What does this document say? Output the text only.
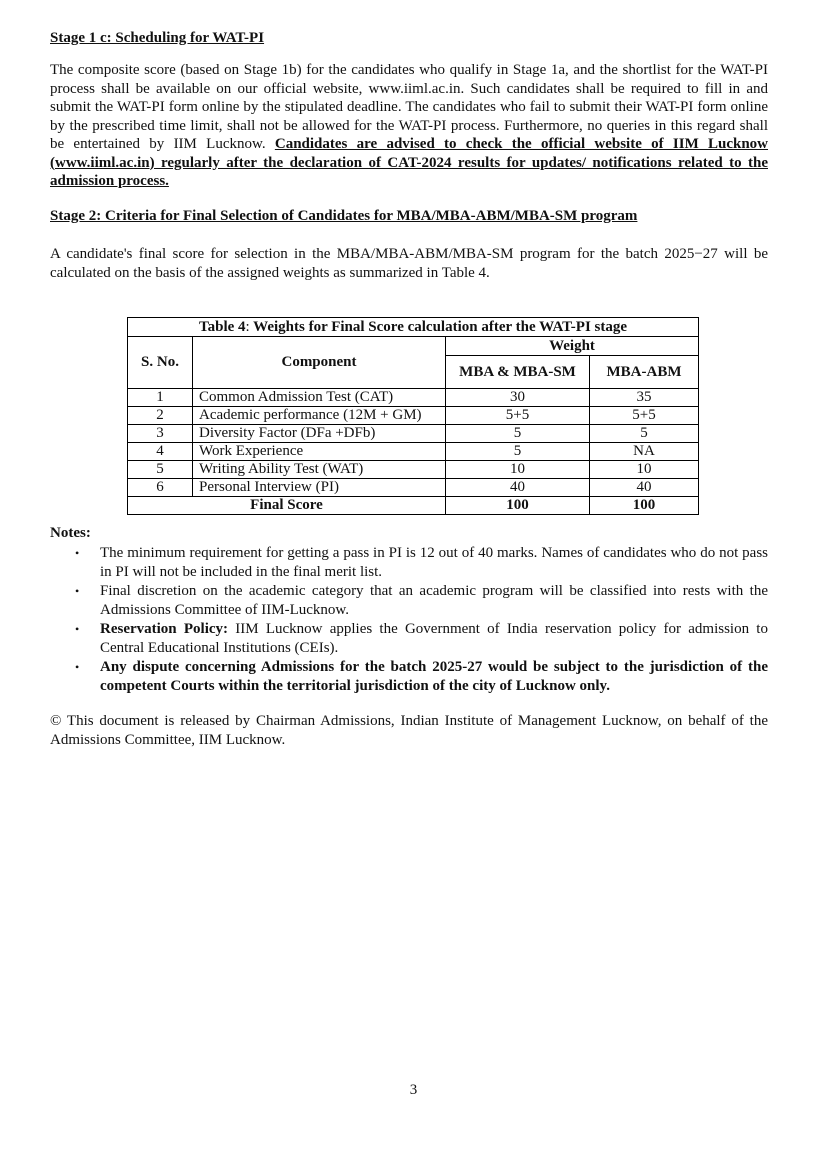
Stage 1 c: Scheduling for WAT-PI
The composite score (based on Stage 1b) for the candidates who qualify in Stage 1a, and the shortlist for the WAT-PI process shall be available on our official website, www.iiml.ac.in. Such candidates shall be required to fill in and submit the WAT-PI form online by the stipulated deadline. The candidates who fail to submit their WAT-PI form online by the prescribed time limit, shall not be allowed for the WAT-PI process. Furthermore, no queries in this regard shall be entertained by IIM Lucknow. Candidates are advised to check the official website of IIM Lucknow (www.iiml.ac.in) regularly after the declaration of CAT-2024 results for updates/ notifications related to the admission process.
Stage 2: Criteria for Final Selection of Candidates for MBA/MBA-ABM/MBA-SM program
A candidate's final score for selection in the MBA/MBA-ABM/MBA-SM program for the batch 2025−27 will be calculated on the basis of the assigned weights as summarized in Table 4.
Table 4: Weights for Final Score calculation after the WAT-PI stage			
S. No.	Component	Weight	
		MBA & MBA-SM	MBA-ABM
1	Common Admission Test (CAT)	30	35
2	Academic performance (12M + GM)	5+5	5+5
3	Diversity Factor (DFa +DFb)	5	5
4	Work Experience	5	NA
5	Writing Ability Test (WAT)	10	10
6	Personal Interview (PI)	40	40
Final Score		100	100
Notes:
• The minimum requirement for getting a pass in PI is 12 out of 40 marks. Names of candidates who do not pass in PI will not be included in the final merit list.
• Final discretion on the academic category that an academic program will be classified into rests with the Admissions Committee of IIM-Lucknow.
• Reservation Policy: IIM Lucknow applies the Government of India reservation policy for admission to Central Educational Institutions (CEIs).
• Any dispute concerning Admissions for the batch 2025-27 would be subject to the jurisdiction of the competent Courts within the territorial jurisdiction of the city of Lucknow only.
© This document is released by Chairman Admissions, Indian Institute of Management Lucknow, on behalf of the Admissions Committee, IIM Lucknow.
3
